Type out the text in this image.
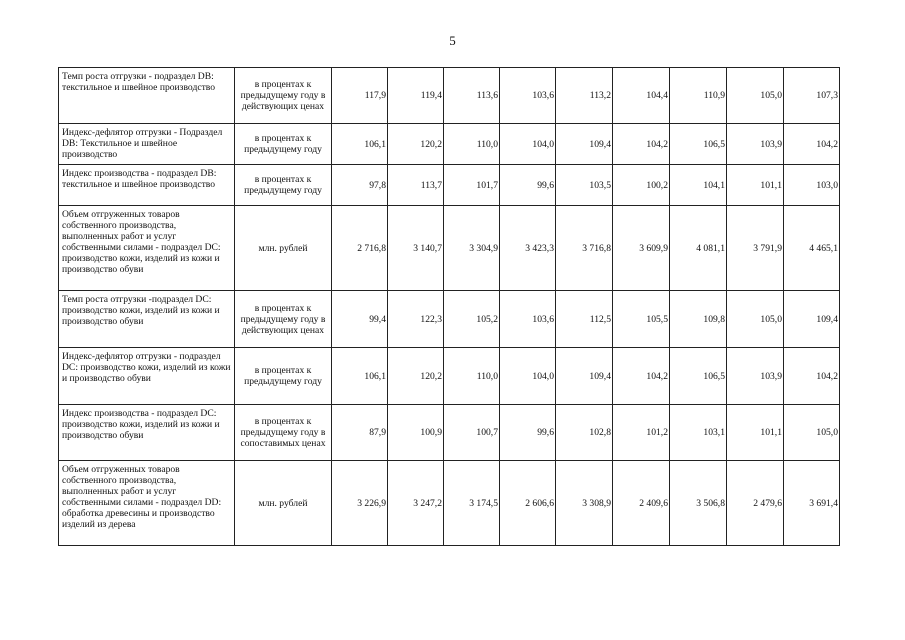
5
Темп роста отгрузки - подраздел DB: текстильное и швейное производство	в процентах к предыдущему году в действующих ценах	117,9	119,4	113,6	103,6	113,2	104,4	110,9	105,0	107,3
Индекс-дефлятор отгрузки - Подраздел DB: Текстильное и швейное производство	в процентах к предыдущему году	106,1	120,2	110,0	104,0	109,4	104,2	106,5	103,9	104,2
Индекс производства - подраздел DB: текстильное и швейное производство	в процентах к предыдущему году	97,8	113,7	101,7	99,6	103,5	100,2	104,1	101,1	103,0
Объем отгруженных товаров собственного производства, выполненных работ и услуг собственными силами - подраздел DC: производство кожи, изделий из кожи и производство обуви	млн. рублей	2 716,8	3 140,7	3 304,9	3 423,3	3 716,8	3 609,9	4 081,1	3 791,9	4 465,1
Темп роста отгрузки -подраздел DC: производство кожи, изделий из кожи и производство обуви	в процентах к предыдущему году в действующих ценах	99,4	122,3	105,2	103,6	112,5	105,5	109,8	105,0	109,4
Индекс-дефлятор отгрузки - подраздел DC: производство кожи, изделий из кожи и производство обуви	в процентах к предыдущему году	106,1	120,2	110,0	104,0	109,4	104,2	106,5	103,9	104,2
Индекс производства - подраздел DC: производство кожи, изделий из кожи и производство обуви	в процентах к предыдущему году в сопоставимых ценах	87,9	100,9	100,7	99,6	102,8	101,2	103,1	101,1	105,0
Объем отгруженных товаров собственного производства, выполненных работ и услуг собственными силами - подраздел DD: обработка древесины и производство изделий из дерева	млн. рублей	3 226,9	3 247,2	3 174,5	2 606,6	3 308,9	2 409,6	3 506,8	2 479,6	3 691,4
